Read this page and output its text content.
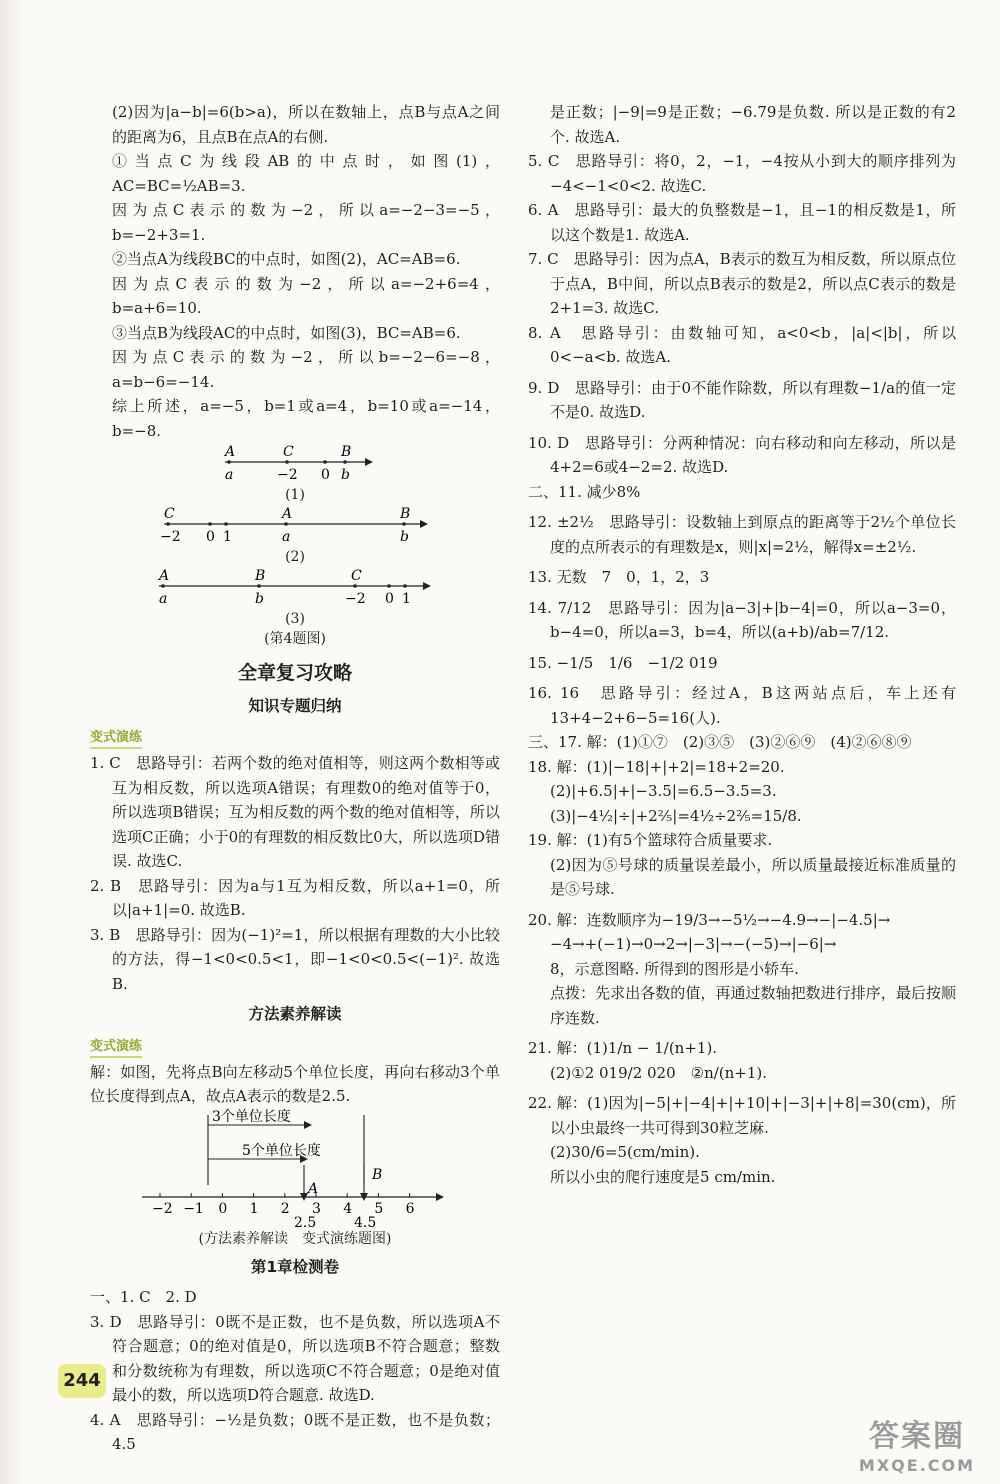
(2)因为|a−b|=6(b>a)，所以在数轴上，点B与点A之间的距离为6，且点B在点A的右侧.

①当点C为线段AB的中点时，如图(1)，AC=BC=½AB=3.

因为点C表示的数为−2，所以a=−2−3=−5，b=−2+3=1.

②当点A为线段BC的中点时，如图(2)，AC=AB=6.

因为点C表示的数为−2，所以a=−2+6=4，b=a+6=10.

③当点B为线段AC的中点时，如图(3)，BC=AB=6.

因为点C表示的数为−2，所以b=−2−6=−8，a=b−6=−14.

综上所述，a=−5，b=1或a=4，b=10或a=−14，b=−8.

A	C	B
a	−2 0 b

(1)

C	A	B
−2 0 1	a	b

(2)

A	B	C
a	b	−2 0 1

(3)

(第4题图)

全章复习攻略
知识专题归纳
变式演练

1. C　思路导引：若两个数的绝对值相等，则这两个数相等或互为相反数，所以选项A错误；有理数0的绝对值等于0，所以选项B错误；互为相反数的两个数的绝对值相等，所以选项C正确；小于0的有理数的相反数比0大，所以选项D错误. 故选C.

2. B　思路导引：因为a与1互为相反数，所以a+1=0，所以|a+1|=0. 故选B.

3. B　思路导引：因为(−1)²=1，所以根据有理数的大小比较的方法，得−1<0<0.5<1，即−1<0<0.5<(−1)². 故选B.

方法素养解读
变式演练

解：如图，先将点B向左移动5个单位长度，再向右移动3个单位长度得到点A，故点A表示的数是2.5.

3个单位长度
5个单位长度
A
B
−2 −1 0 1 2 3 4 5 6
2.5	4.5

(方法素养解读　变式演练题图)

第1章检测卷

一、1. C　2. D

3. D　思路导引：0既不是正数，也不是负数，所以选项A不符合题意；0的绝对值是0，所以选项B不符合题意；整数和分数统称为有理数，所以选项C不符合题意；0是绝对值最小的数，所以选项D符合题意. 故选D.

4. A　思路导引：−½是负数；0既不是正数，也不是负数；4.5

是正数；|−9|=9是正数；−6.79是负数. 所以是正数的有2个. 故选A.

5. C　思路导引：将0，2，−1，−4按从小到大的顺序排列为−4<−1<0<2. 故选C.

6. A　思路导引：最大的负整数是−1，且−1的相反数是1，所以这个数是1. 故选A.

7. C　思路导引：因为点A，B表示的数互为相反数，所以原点位于点A，B中间，所以点B表示的数是2，所以点C表示的数是2+1=3. 故选C.

8. A　思路导引：由数轴可知，a<0<b，|a|<|b|，所以0<−a<b. 故选A.

9. D　思路导引：由于0不能作除数，所以有理数−1/a的值一定不是0. 故选D.

10. D　思路导引：分两种情况：向右移动和向左移动，所以是4+2=6或4−2=2. 故选D.

二、11. 减少8%

12. ±2½　思路导引：设数轴上到原点的距离等于2½个单位长度的点所表示的有理数是x，则|x|=2½，解得x=±2½.

13. 无数　7　0，1，2，3

14. 7/12　思路导引：因为|a−3|+|b−4|=0，所以a−3=0，b−4=0，所以a=3，b=4，所以(a+b)/ab=7/12.

15. −1/5　1/6　−1/2 019

16. 16　思路导引：经过A，B这两站点后，车上还有13+4−2+6−5=16(人).

三、17. 解：(1)①⑦　(2)③⑤　(3)②⑥⑨　(4)②⑥⑧⑨

18. 解：(1)|−18|+|+2|=18+2=20.

(2)|+6.5|+|−3.5|=6.5−3.5=3.

(3)|−4½|÷|+2⅖|=4½÷2⅖=15/8.

19. 解：(1)有5个篮球符合质量要求.

(2)因为⑤号球的质量误差最小，所以质量最接近标准质量的是⑤号球.

20. 解：连数顺序为−19/3→−5½→−4.9→−|−4.5|→

−4→+(−1)→0→2→|−3|→−(−5)→|−6|→

8，示意图略. 所得到的图形是小轿车.

点拨：先求出各数的值，再通过数轴把数进行排序，最后按顺序连数.

21. 解：(1)1/n − 1/(n+1).

(2)①2 019/2 020　②n/(n+1).

22. 解：(1)因为|−5|+|−4|+|+10|+|−3|+|+8|=30(cm)，所以小虫最终一共可得到30粒芝麻.

(2)30/6=5(cm/min).

所以小虫的爬行速度是5 cm/min.

244
答案圈
MXQE.COM
